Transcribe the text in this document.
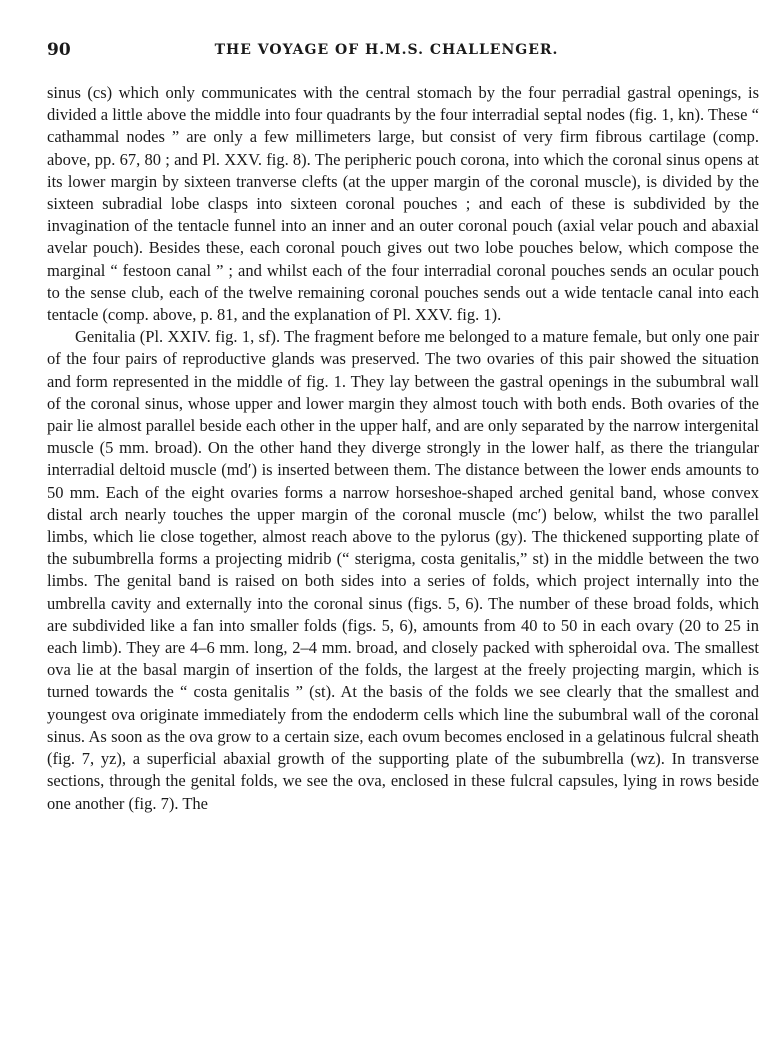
90	THE VOYAGE OF H.M.S. CHALLENGER.

sinus (cs) which only communicates with the central stomach by the four perradial gastral openings, is divided a little above the middle into four quadrants by the four interradial septal nodes (fig. 1, kn). These “ cathammal nodes ” are only a few millimeters large, but consist of very firm fibrous cartilage (comp. above, pp. 67, 80 ; and Pl. XXV. fig. 8). The peripheric pouch corona, into which the coronal sinus opens at its lower margin by sixteen tranverse clefts (at the upper margin of the coronal muscle), is divided by the sixteen subradial lobe clasps into sixteen coronal pouches ; and each of these is subdivided by the invagination of the tentacle funnel into an inner and an outer coronal pouch (axial velar pouch and abaxial avelar pouch). Besides these, each coronal pouch gives out two lobe pouches below, which compose the marginal “ festoon canal ” ; and whilst each of the four interradial coronal pouches sends an ocular pouch to the sense club, each of the twelve remaining coronal pouches sends out a wide tentacle canal into each tentacle (comp. above, p. 81, and the explanation of Pl. XXV. fig. 1).

Genitalia (Pl. XXIV. fig. 1, sf). The fragment before me belonged to a mature female, but only one pair of the four pairs of reproductive glands was preserved. The two ovaries of this pair showed the situation and form represented in the middle of fig. 1. They lay between the gastral openings in the subumbral wall of the coronal sinus, whose upper and lower margin they almost touch with both ends. Both ovaries of the pair lie almost parallel beside each other in the upper half, and are only separated by the narrow intergenital muscle (5 mm. broad). On the other hand they diverge strongly in the lower half, as there the triangular interradial deltoid muscle (md′) is inserted between them. The distance between the lower ends amounts to 50 mm. Each of the eight ovaries forms a narrow horseshoe-shaped arched genital band, whose convex distal arch nearly touches the upper margin of the coronal muscle (mc′) below, whilst the two parallel limbs, which lie close together, almost reach above to the pylorus (gy). The thickened supporting plate of the subumbrella forms a projecting midrib (“ sterigma, costa genitalis,” st) in the middle between the two limbs. The genital band is raised on both sides into a series of folds, which project internally into the umbrella cavity and externally into the coronal sinus (figs. 5, 6). The number of these broad folds, which are subdivided like a fan into smaller folds (figs. 5, 6), amounts from 40 to 50 in each ovary (20 to 25 in each limb). They are 4–6 mm. long, 2–4 mm. broad, and closely packed with spheroidal ova. The smallest ova lie at the basal margin of insertion of the folds, the largest at the freely projecting margin, which is turned towards the “ costa genitalis ” (st). At the basis of the folds we see clearly that the smallest and youngest ova originate immediately from the endoderm cells which line the subumbral wall of the coronal sinus. As soon as the ova grow to a certain size, each ovum becomes enclosed in a gelatinous fulcral sheath (fig. 7, yz), a superficial abaxial growth of the supporting plate of the subumbrella (wz). In transverse sections, through the genital folds, we see the ova, enclosed in these fulcral capsules, lying in rows beside one another (fig. 7). The
